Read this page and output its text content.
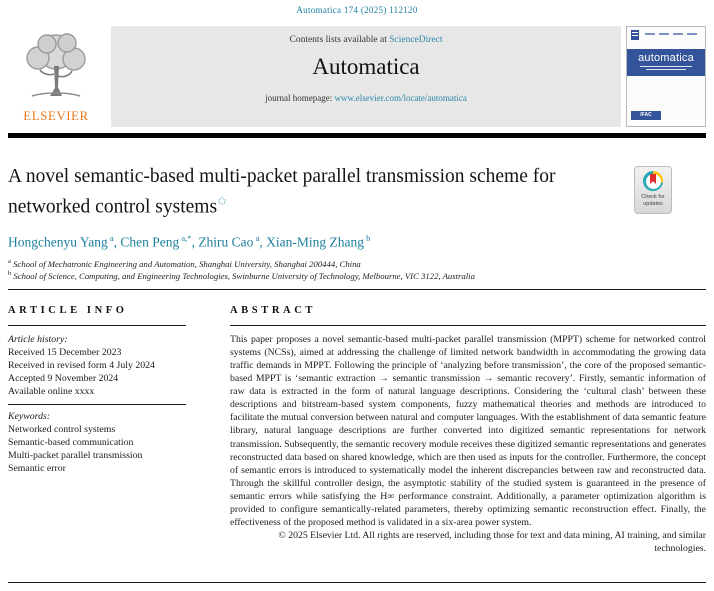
Automatica 174 (2025) 112120
ELSEVIER
Contents lists available at ScienceDirect
Automatica
journal homepage: www.elsevier.com/locate/automatica
automatica
IFAC
A novel semantic-based multi-packet parallel transmission scheme for networked control systems✩	Check for
updates
Hongchenyu Yang $^a$, Chen Peng $^{a,*}$, Zhiru Cao $^a$, Xian-Ming Zhang $^b$
$^a$ School of Mechatronic Engineering and Automation, Shanghai University, Shanghai 200444, China
$^b$ School of Science, Computing, and Engineering Technologies, Swinburne University of Technology, Melbourne, VIC 3122, Australia
ARTICLE INFO
Article history:
Received 15 December 2023
Received in revised form 4 July 2024
Accepted 9 November 2024
Available online xxxx
Keywords:
Networked control systems
Semantic-based communication
Multi-packet parallel transmission
Semantic error
ABSTRACT

This paper proposes a novel semantic-based multi-packet parallel transmission (MPPT) scheme for networked control systems (NCSs), aimed at addressing the challenge of limited network bandwidth in accommodating the growing data traffic demands in MPPT. Following the principle of ‘analyzing before transmission’, the core of the proposed semantic-based MPPT is ‘semantic extraction → semantic transmission → semantic recovery’. Firstly, semantic information of raw data is extracted in the form of natural language descriptions. Considering the ‘cultural clash’ between these descriptions and bitstream-based system components, fuzzy mathematical theories and methods are introduced to facilitate the mutual conversion between natural and computer languages. With the establishment of data semantic feature library, natural language descriptions are further converted into digitized semantic representations for network transmission. Subsequently, the semantic recovery module receives these digitized semantic representations and generates reconstructed data based on shared knowledge, which are then used as inputs for the controller. Furthermore, the concept of semantic errors is introduced to systematically model the inherent discrepancies between raw and reconstructed data. Through the skillful controller design, the asymptotic stability of the studied system is guaranteed in the presence of semantic errors while satisfying the H∞ performance constraint. Additionally, a parameter optimization algorithm is provided to configure semantically-related parameters, thereby optimizing semantic reconstruction effect. Finally, the effectiveness of the proposed method is validated in a six-area power system.

© 2025 Elsevier Ltd. All rights are reserved, including those for text and data mining, AI training, and similar technologies.
